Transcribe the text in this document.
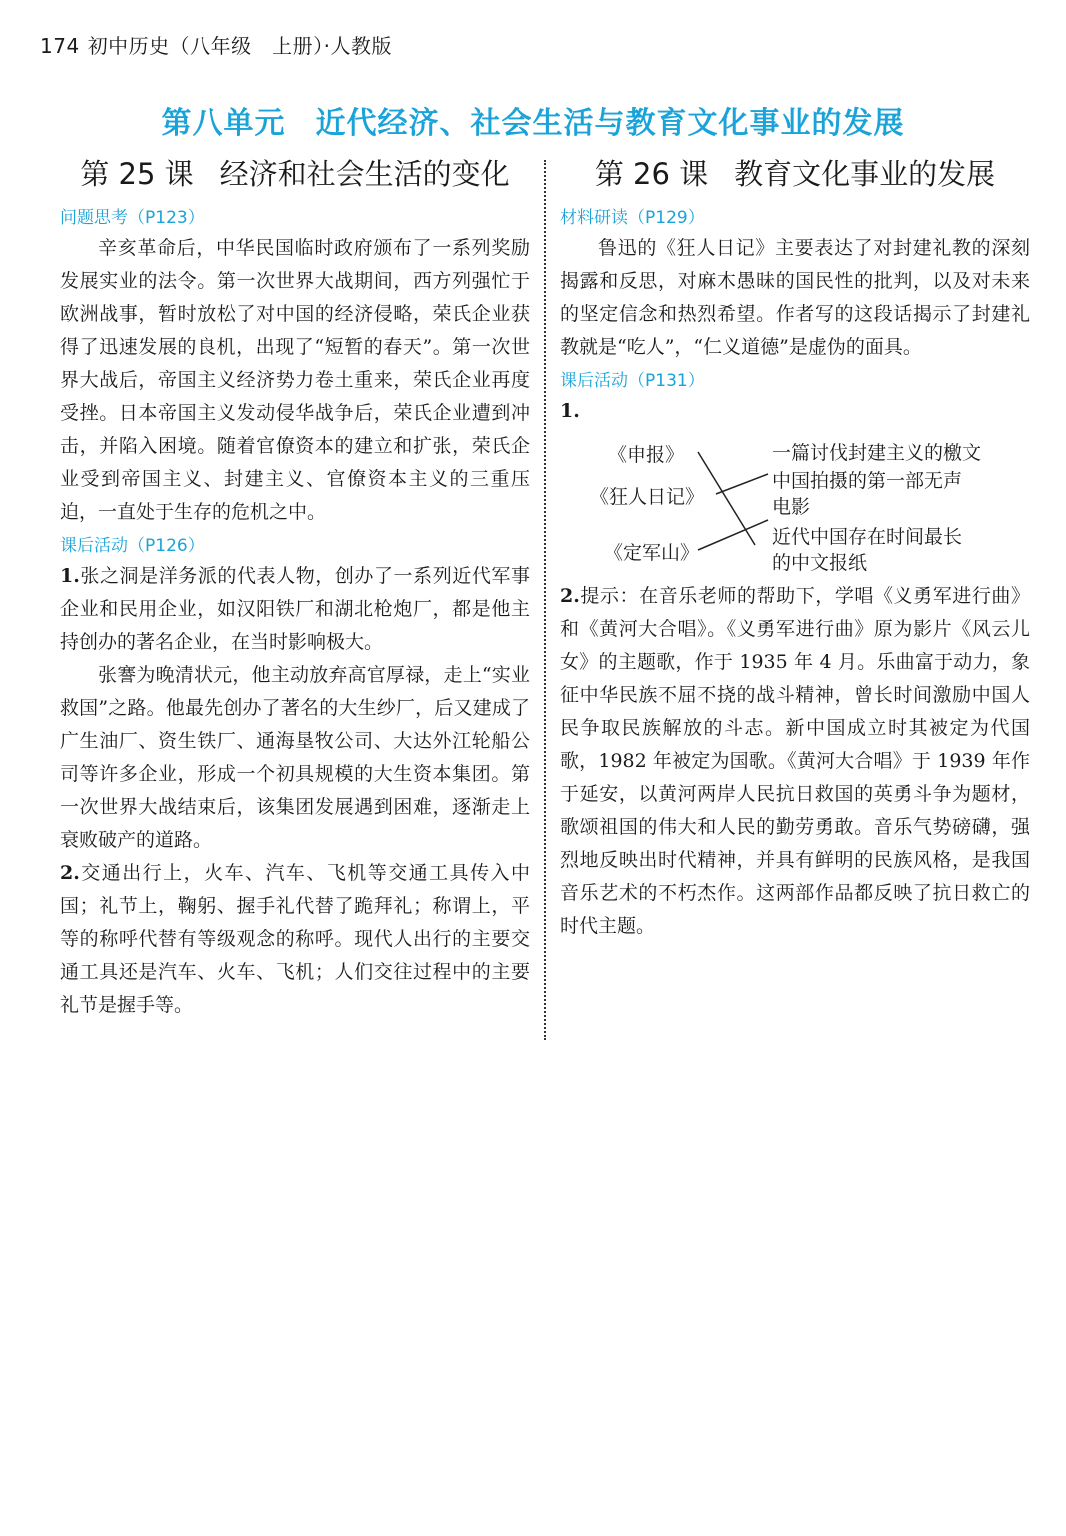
174 初中历史（八年级　上册）·人教版
第八单元 近代经济、社会生活与教育文化事业的发展
第 25 课 经济和社会生活的变化
问题思考（P123）

辛亥革命后，中华民国临时政府颁布了一系列奖励发展实业的法令。第一次世界大战期间，西方列强忙于欧洲战事，暂时放松了对中国的经济侵略，荣氏企业获得了迅速发展的良机，出现了“短暂的春天”。第一次世界大战后，帝国主义经济势力卷土重来，荣氏企业再度受挫。日本帝国主义发动侵华战争后，荣氏企业遭到冲击，并陷入困境。随着官僚资本的建立和扩张，荣氏企业受到帝国主义、封建主义、官僚资本主义的三重压迫，一直处于生存的危机之中。

课后活动（P126）

1.张之洞是洋务派的代表人物，创办了一系列近代军事企业和民用企业，如汉阳铁厂和湖北枪炮厂，都是他主持创办的著名企业，在当时影响极大。

张謇为晚清状元，他主动放弃高官厚禄，走上“实业救国”之路。他最先创办了著名的大生纱厂，后又建成了广生油厂、资生铁厂、通海垦牧公司、大达外江轮船公司等许多企业，形成一个初具规模的大生资本集团。第一次世界大战结束后，该集团发展遇到困难，逐渐走上衰败破产的道路。

2.交通出行上，火车、汽车、飞机等交通工具传入中国；礼节上，鞠躬、握手礼代替了跪拜礼；称谓上，平等的称呼代替有等级观念的称呼。现代人出行的主要交通工具还是汽车、火车、飞机；人们交往过程中的主要礼节是握手等。

第 26 课 教育文化事业的发展
材料研读（P129）

鲁迅的《狂人日记》主要表达了对封建礼教的深刻揭露和反思，对麻木愚昧的国民性的批判，以及对未来的坚定信念和热烈希望。作者写的这段话揭示了封建礼教就是“吃人”，“仁义道德”是虚伪的面具。

课后活动（P131）

1.

《申报》
《狂人日记》
《定军山》
一篇讨伐封建主义的檄文
中国拍摄的第一部无声电影
近代中国存在时间最长的中文报纸

2.提示：在音乐老师的帮助下，学唱《义勇军进行曲》和《黄河大合唱》。《义勇军进行曲》原为影片《风云儿女》的主题歌，作于 1935 年 4 月。乐曲富于动力，象征中华民族不屈不挠的战斗精神，曾长时间激励中国人民争取民族解放的斗志。新中国成立时其被定为代国歌，1982 年被定为国歌。《黄河大合唱》于 1939 年作于延安，以黄河两岸人民抗日救国的英勇斗争为题材，歌颂祖国的伟大和人民的勤劳勇敢。音乐气势磅礴，强烈地反映出时代精神，并具有鲜明的民族风格，是我国音乐艺术的不朽杰作。这两部作品都反映了抗日救亡的时代主题。
